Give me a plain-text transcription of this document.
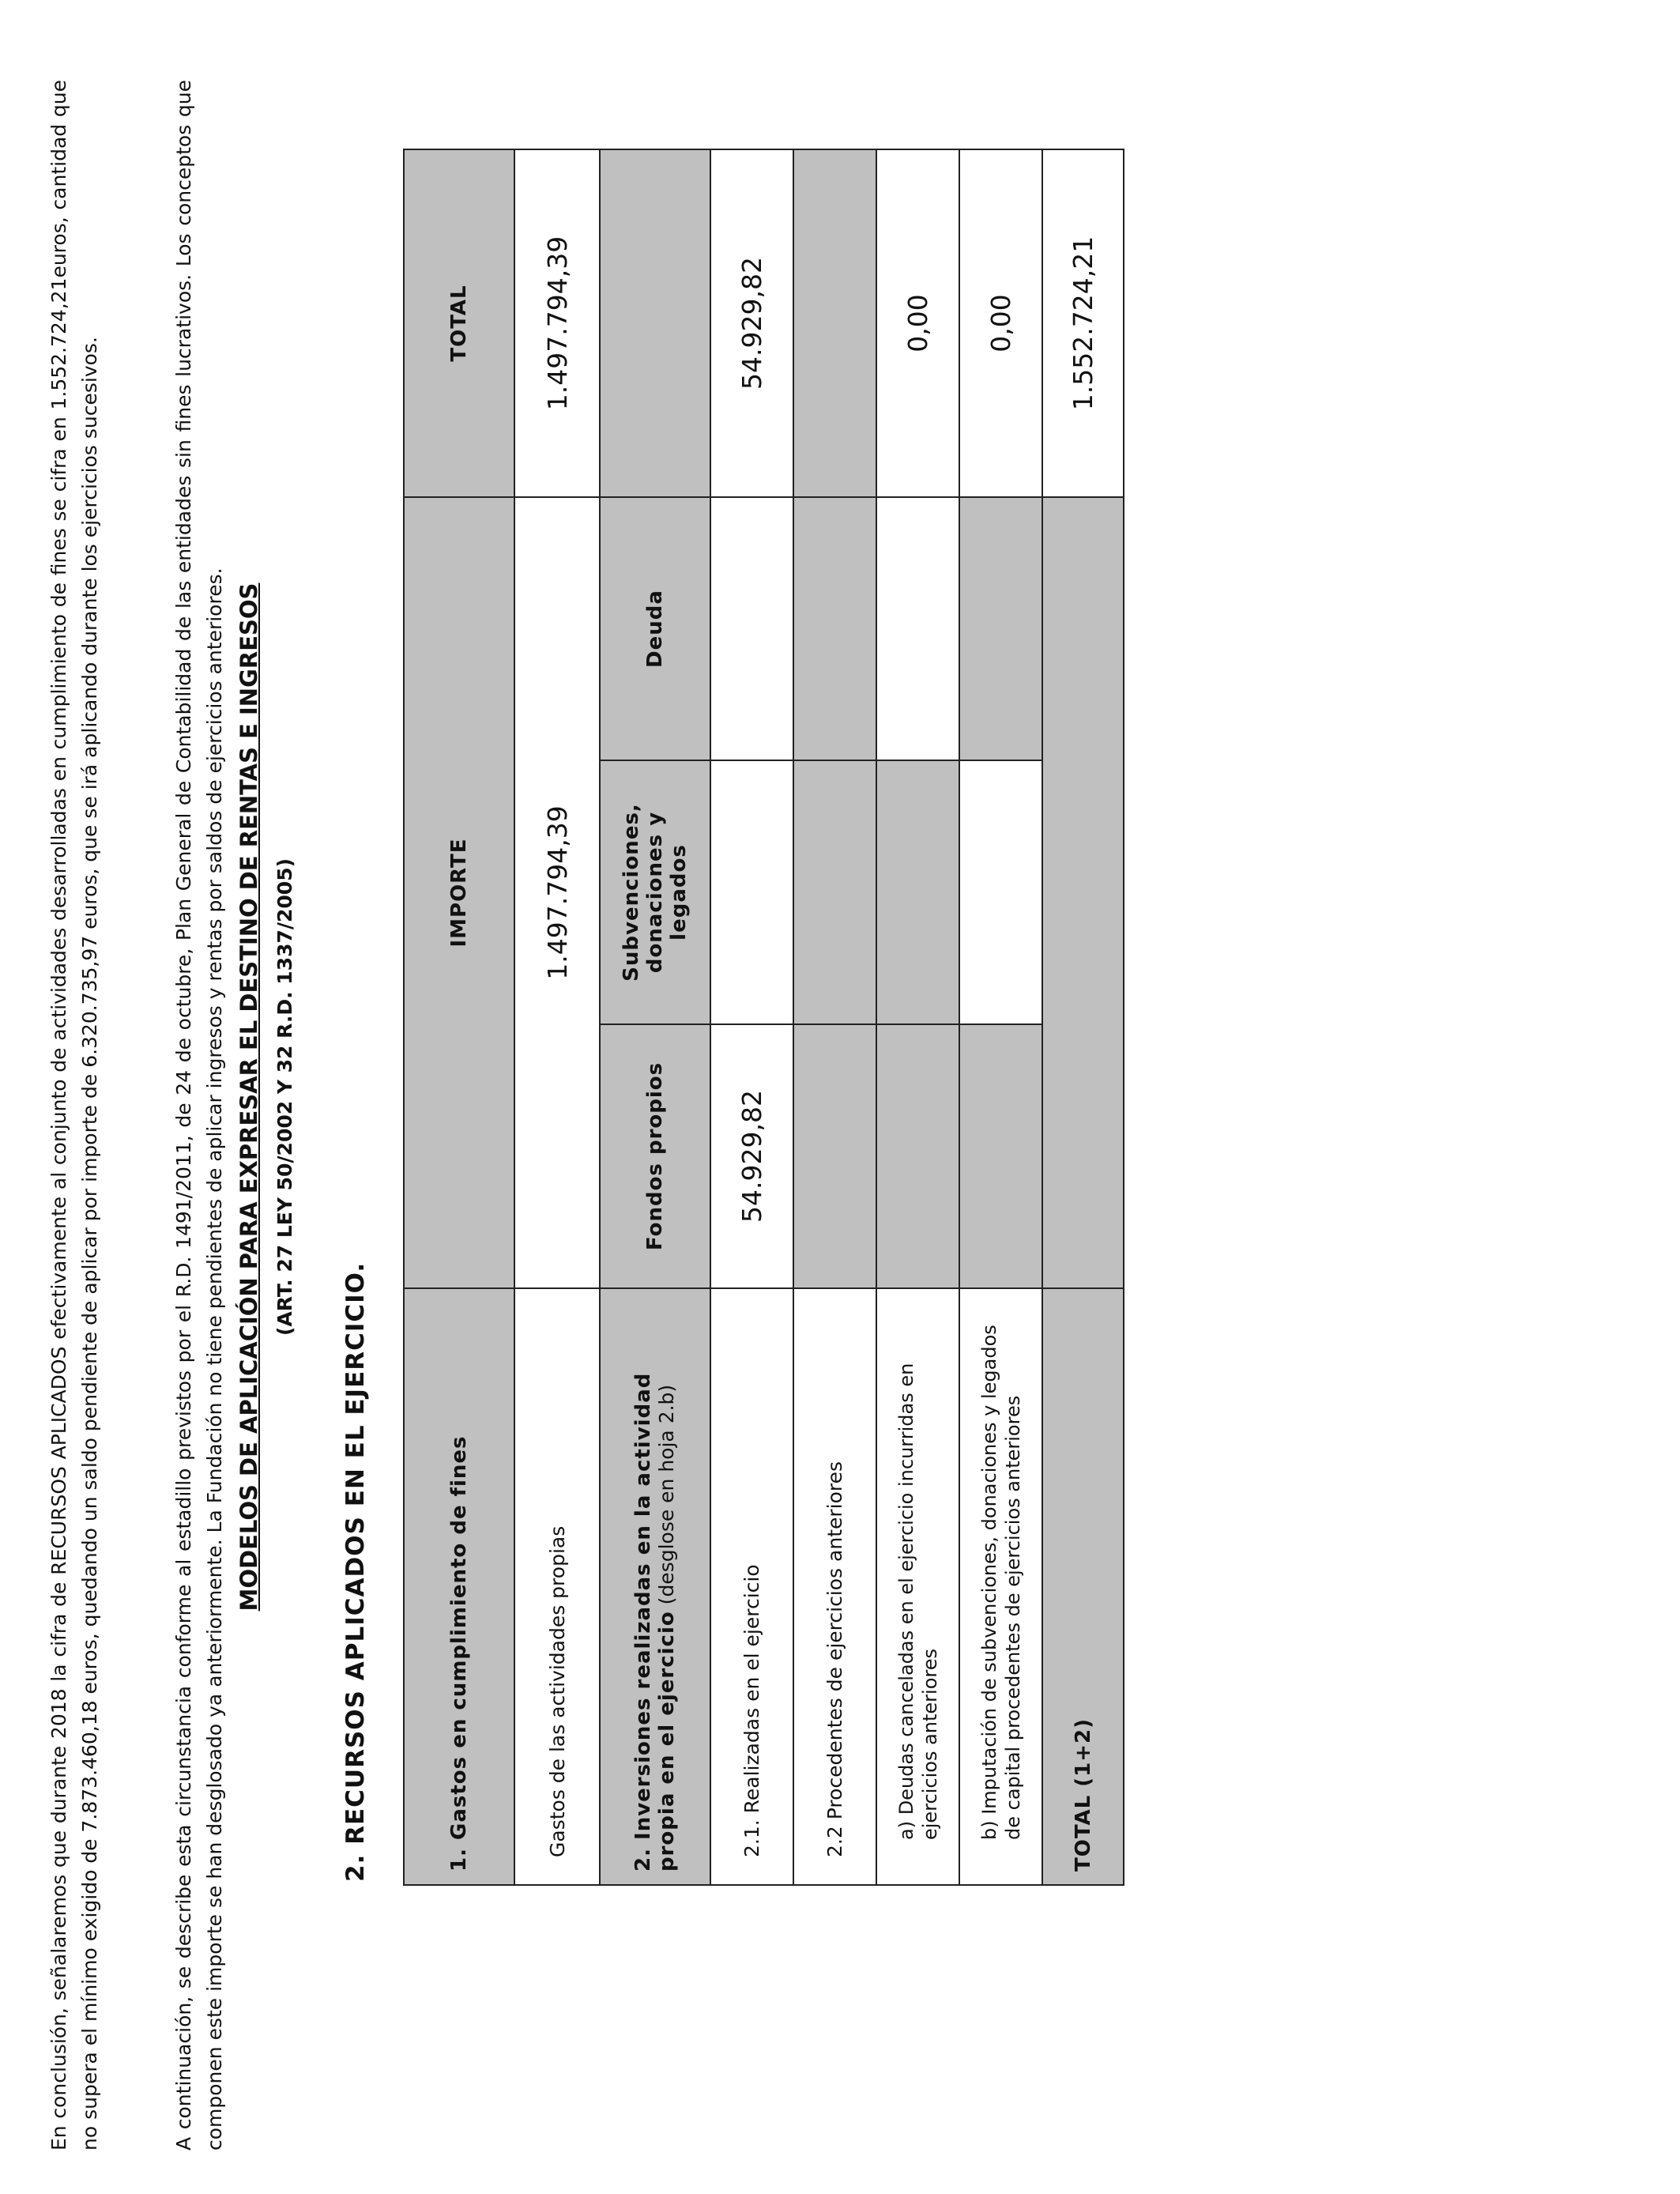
En conclusión, señalaremos que durante 2018 la cifra de RECURSOS APLICADOS efectivamente al conjunto de actividades desarrolladas en cumplimiento de fines se cifra en 1.552.724,21euros, cantidad que no supera el mínimo exigido de 7.873.460,18 euros, quedando un saldo pendiente de aplicar por importe de 6.320.735,97 euros, que se irá aplicando durante los ejercicios sucesivos.	A continuación, se describe esta circunstancia conforme al estadillo previstos por el R.D. 1491/2011, de 24 de octubre, Plan General de Contabilidad de las entidades sin fines lucrativos. Los conceptos que componen este importe se han desglosado ya anteriormente. La Fundación no tiene pendientes de aplicar ingresos y rentas por saldos de ejercicios anteriores. MODELOS DE APLICACIÓN PARA EXPRESAR EL DESTINO DE RENTAS E INGRESOS (ART. 27 LEY 50/2002 Y 32 R.D. 1337/2005)
2. RECURSOS APLICADOS EN EL EJERCICIO.	1. Gastos en cumplimiento de fines	IMPORTE			TOTAL
Gastos de las actividades propias	1.497.794,39			1.497.794,39
2. Inversiones realizadas en la actividad propia en el ejercicio (desglose en hoja 2.b)	Fondos propios	Subvenciones, donaciones y legados	Deuda	
2.1. Realizadas en el ejercicio	54.929,82			54.929,82
2.2 Procedentes de ejercicios anteriores				
a) Deudas canceladas en el ejercicio incurridas en ejercicios anteriores				0,00
b) Imputación de subvenciones, donaciones y legados de capital procedentes de ejercicios anteriores				0,00
TOTAL (1+2)				1.552.724,21
